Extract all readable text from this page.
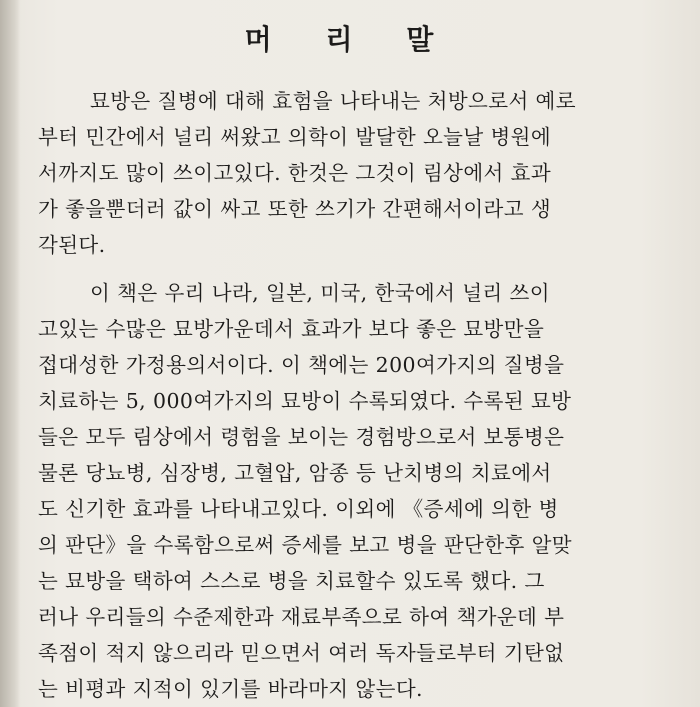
머 리 말
묘방은 질병에 대해 효험을 나타내는 처방으로서 예로
부터 민간에서 널리 써왔고 의학이 발달한 오늘날 병원에
서까지도 많이 쓰이고있다. 한것은 그것이 림상에서 효과
가 좋을뿐더러 값이 싸고 또한 쓰기가 간편해서이라고 생
각된다.
이 책은 우리 나라, 일본, 미국, 한국에서 널리 쓰이
고있는 수많은 묘방가운데서 효과가 보다 좋은 묘방만을
접대성한 가정용의서이다. 이 책에는 200여가지의 질병을
치료하는 5, 000여가지의 묘방이 수록되였다. 수록된 묘방
들은 모두 림상에서 령험을 보이는 경험방으로서 보통병은
물론 당뇨병, 심장병, 고혈압, 암종 등 난치병의 치료에서
도 신기한 효과를 나타내고있다. 이외에 《증세에 의한 병
의 판단》을 수록함으로써 증세를 보고 병을 판단한후 알맞
는 묘방을 택하여 스스로 병을 치료할수 있도록 했다. 그
러나 우리들의 수준제한과 재료부족으로 하여 책가운데 부
족점이 적지 않으리라 믿으면서 여러 독자들로부터 기탄없
는 비평과 지적이 있기를 바라마지 않는다.
